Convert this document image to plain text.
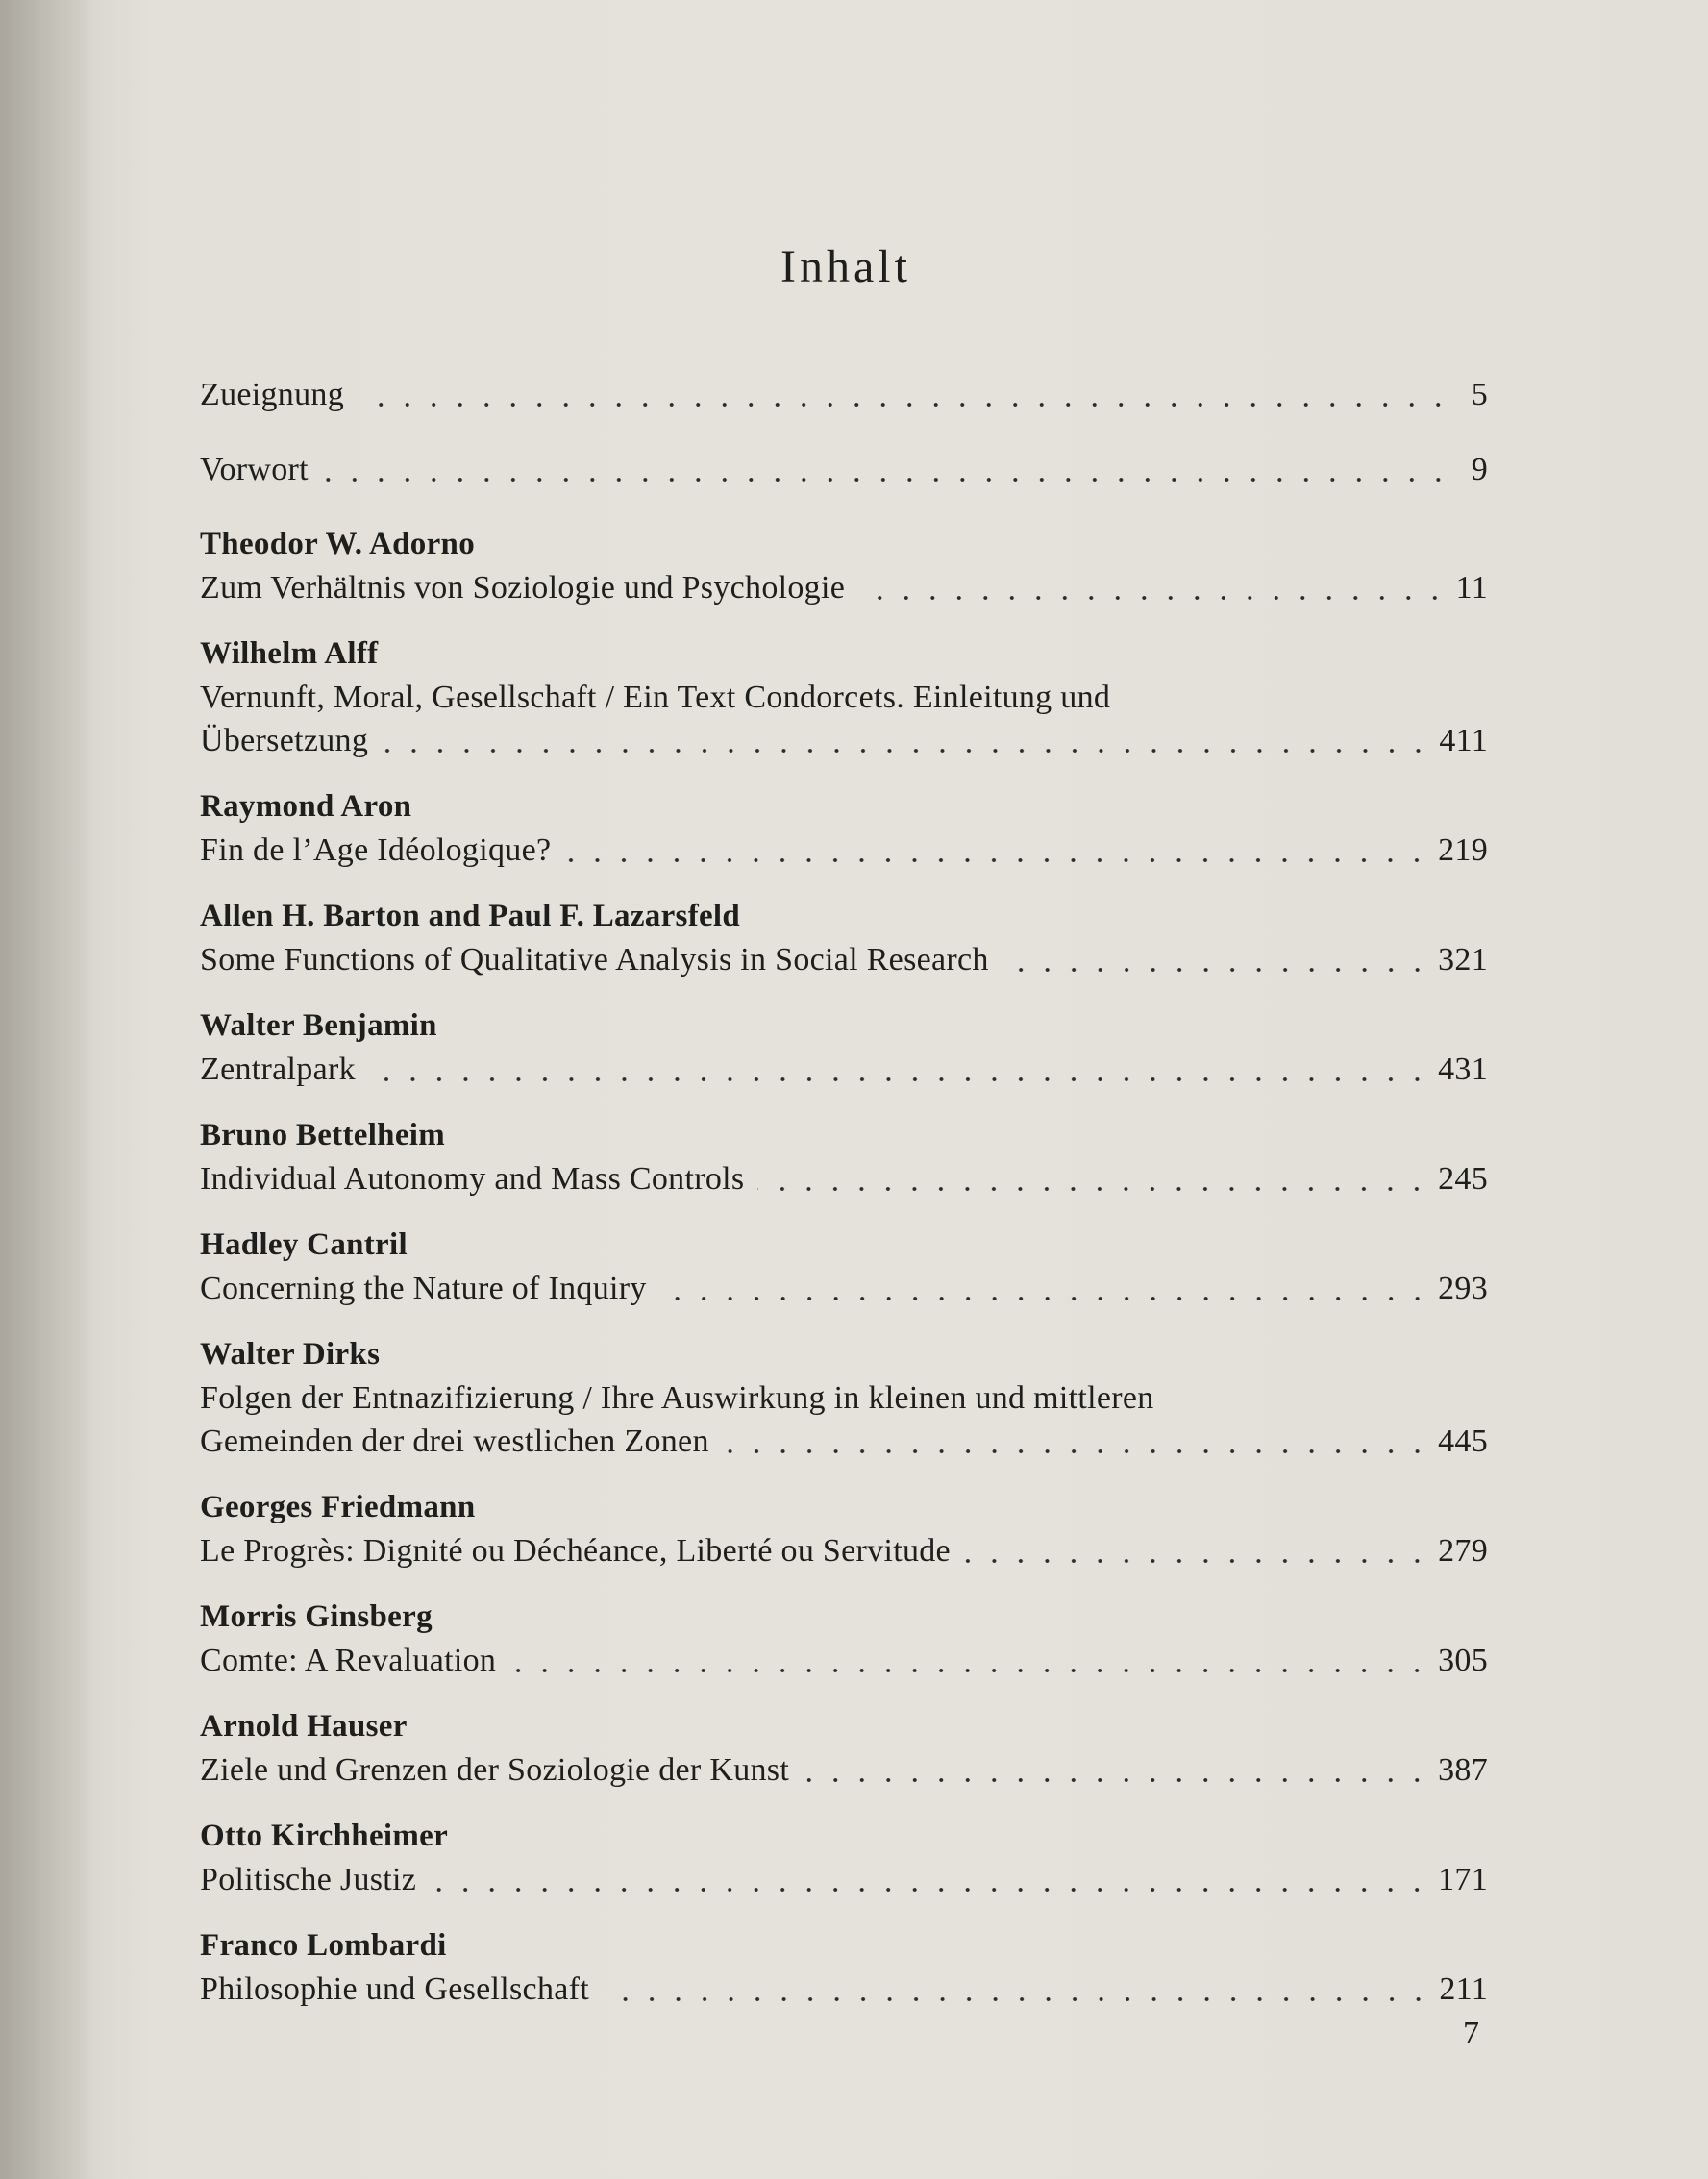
Inhalt
Zueignung	5
Vorwort	9
Theodor W. Adorno
Zum Verhältnis von Soziologie und Psychologie	11
Wilhelm Alff
Vernunft, Moral, Gesellschaft / Ein Text Condorcets. Einleitung und
Übersetzung	411
Raymond Aron
Fin de l’Age Idéologique?	219
Allen H. Barton and Paul F. Lazarsfeld
Some Functions of Qualitative Analysis in Social Research	321
Walter Benjamin
Zentralpark	431
Bruno Bettelheim
Individual Autonomy and Mass Controls	245
Hadley Cantril
Concerning the Nature of Inquiry	293
Walter Dirks
Folgen der Entnazifizierung / Ihre Auswirkung in kleinen und mittleren
Gemeinden der drei westlichen Zonen	445
Georges Friedmann
Le Progrès: Dignité ou Déchéance, Liberté ou Servitude	279
Morris Ginsberg
Comte: A Revaluation	305
Arnold Hauser
Ziele und Grenzen der Soziologie der Kunst	387
Otto Kirchheimer
Politische Justiz	171
Franco Lombardi
Philosophie und Gesellschaft	211
7
